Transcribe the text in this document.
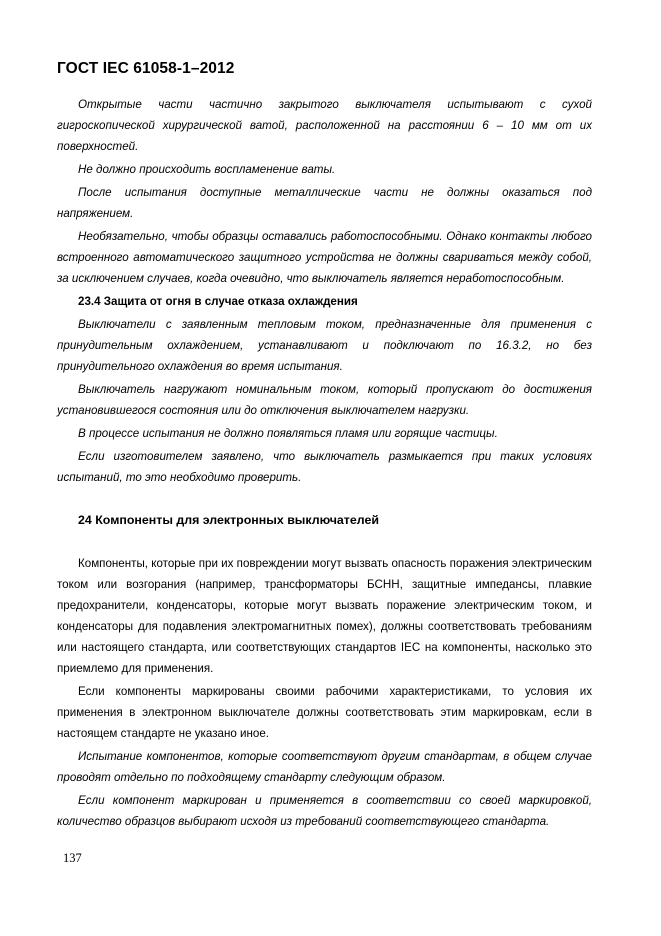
ГОСТ IEC 61058-1–2012

Открытые части частично закрытого выключателя испытывают с сухой гигроскопической хирургической ватой, расположенной на расстоянии 6 – 10 мм от их поверхностей.

Не должно происходить воспламенение ваты.

После испытания доступные металлические части не должны оказаться под напряжением.

Необязательно, чтобы образцы оставались работоспособными. Однако контакты любого встроенного автоматического защитного устройства не должны свариваться между собой, за исключением случаев, когда очевидно, что выключатель является неработоспособным.

23.4 Защита от огня в случае отказа охлаждения

Выключатели с заявленным тепловым током, предназначенные для применения с принудительным охлаждением, устанавливают и подключают по 16.3.2, но без принудительного охлаждения во время испытания.

Выключатель нагружают номинальным током, который пропускают до достижения установившегося состояния или до отключения выключателем нагрузки.

В процессе испытания не должно появляться пламя или горящие частицы.

Если изготовителем заявлено, что выключатель размыкается при таких условиях испытаний, то это необходимо проверить.

24 Компоненты для электронных выключателей

Компоненты, которые при их повреждении могут вызвать опасность поражения электрическим током или возгорания (например, трансформаторы БСНН, защитные импедансы, плавкие предохранители, конденсаторы, которые могут вызвать поражение электрическим током, и конденсаторы для подавления электромагнитных помех), должны соответствовать требованиям или настоящего стандарта, или соответствующих стандартов IEC на компоненты, насколько это приемлемо для применения.

Если компоненты маркированы своими рабочими характеристиками, то условия их применения в электронном выключателе должны соответствовать этим маркировкам, если в настоящем стандарте не указано иное.

Испытание компонентов, которые соответствуют другим стандартам, в общем случае проводят отдельно по подходящему стандарту следующим образом.

Если компонент маркирован и применяется в соответствии со своей маркировкой, количество образцов выбирают исходя из требований соответствующего стандарта.

137
